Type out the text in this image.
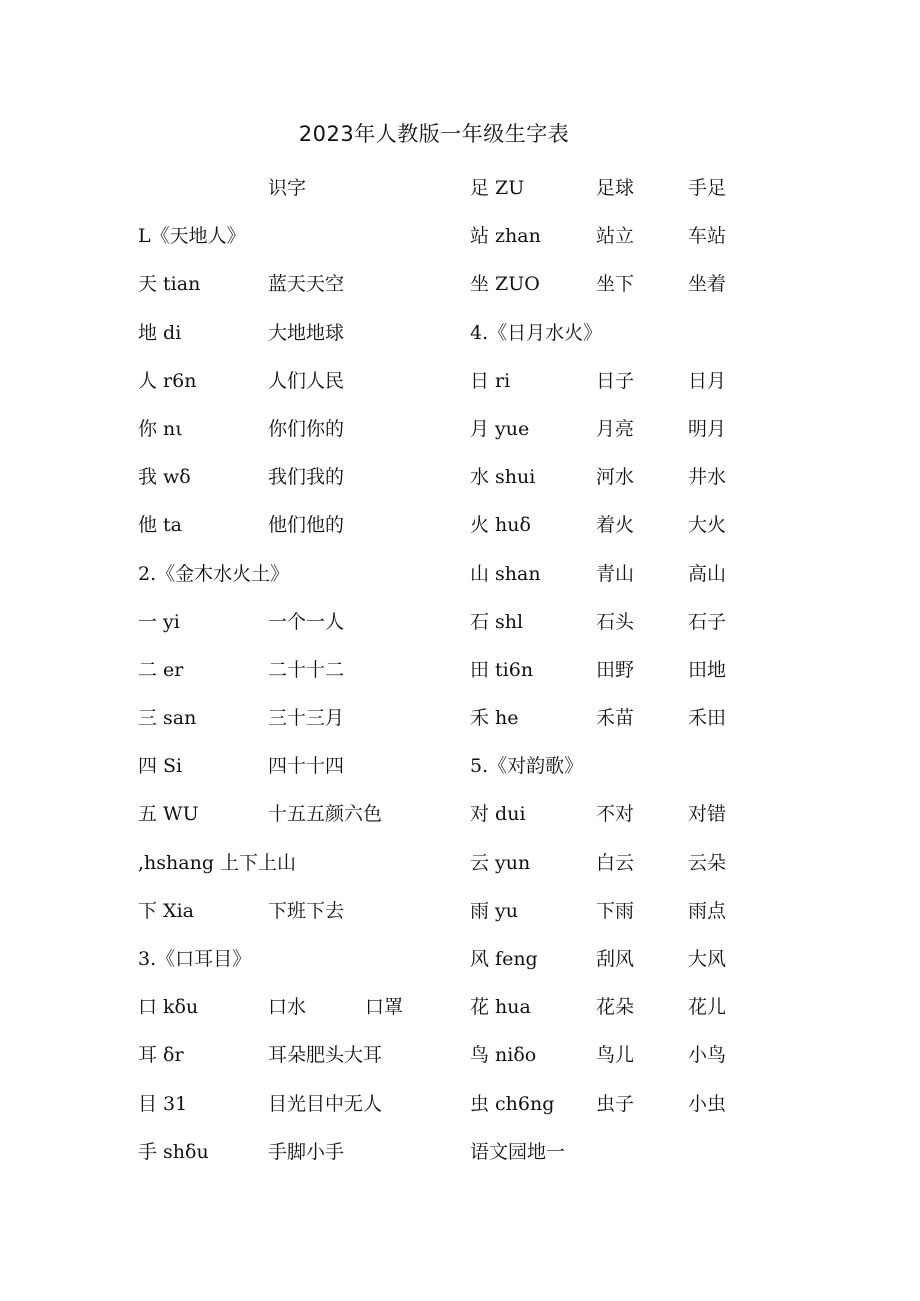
2023年人教版一年级生字表
识字
L《天地人》
天 tian	蓝天天空
地 di	大地地球
人 r6n	人们人民
你 nι	你们你的
我 wδ	我们我的
他 ta	他们他的
2.《金木水火土》
一 yi	一个一人
二 er	二十十二
三 san	三十三月
四 Si	四十十四
五 WU	十五五颜六色
,hshang 上下上山
下 Xia	下班下去
3.《口耳目》
口 kδu	口水	口罩
耳 δr	耳朵肥头大耳
目 31	目光目中无人
手 shδu	手脚小手
足 ZU	足球	手足
站 zhan	站立	车站
坐 ZUO	坐下	坐着
4.《日月水火》
日 ri	日子	日月
月 yue	月亮	明月
水 shui	河水	井水
火 huδ	着火	大火
山 shan	青山	高山
石 shl	石头	石子
田 ti6n	田野	田地
禾 he	禾苗	禾田
5.《对韵歌》
对 dui	不对	对错
云 yun	白云	云朵
雨 yu	下雨	雨点
风 feng	刮风	大风
花 hua	花朵	花儿
鸟 niδo	鸟儿	小鸟
虫 ch6ng 虫子	小虫
语文园地一
